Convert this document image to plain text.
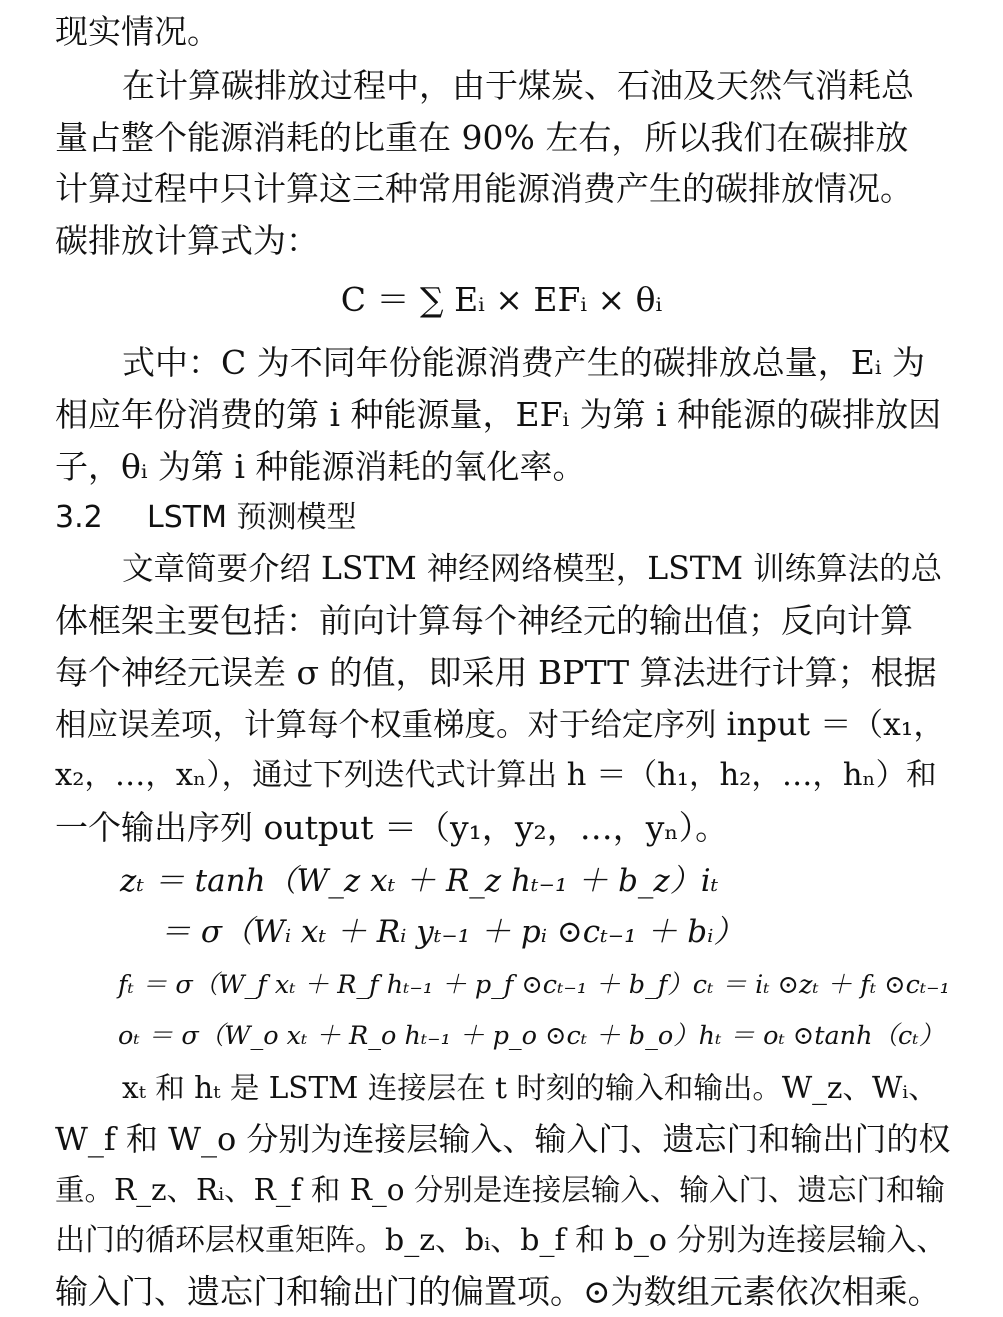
现实情况。
在计算碳排放过程中，由于煤炭、石油及天然气消耗总
量占整个能源消耗的比重在 90% 左右，所以我们在碳排放
计算过程中只计算这三种常用能源消费产生的碳排放情况。
碳排放计算式为：
C ＝ ∑ Eᵢ × EFᵢ × θᵢ
式中：C 为不同年份能源消费产生的碳排放总量，Eᵢ 为
相应年份消费的第 i 种能源量，EFᵢ 为第 i 种能源的碳排放因
子，θᵢ 为第 i 种能源消耗的氧化率。
3.2 LSTM 预测模型
文章简要介绍 LSTM 神经网络模型，LSTM 训练算法的总
体框架主要包括：前向计算每个神经元的输出值；反向计算
每个神经元误差 σ 的值，即采用 BPTT 算法进行计算；根据
相应误差项，计算每个权重梯度。对于给定序列 input ＝（x₁，
x₂，…，xₙ），通过下列迭代式计算出 h ＝（h₁，h₂，…，hₙ）和
一个输出序列 output ＝（y₁，y₂，…，yₙ）。
zₜ ＝ tanh（W_z xₜ ＋ R_z hₜ₋₁ ＋ b_z）iₜ
＝ σ（Wᵢ xₜ ＋ Rᵢ yₜ₋₁ ＋ pᵢ ⊙cₜ₋₁ ＋ bᵢ）
fₜ ＝ σ（W_f xₜ ＋ R_f hₜ₋₁ ＋ p_f ⊙cₜ₋₁ ＋ b_f）cₜ ＝ iₜ ⊙zₜ ＋ fₜ ⊙cₜ₋₁
oₜ ＝ σ（W_o xₜ ＋ R_o hₜ₋₁ ＋ p_o ⊙cₜ ＋ b_o）hₜ ＝ oₜ ⊙tanh（cₜ）
xₜ 和 hₜ 是 LSTM 连接层在 t 时刻的输入和输出。W_z、Wᵢ、
W_f 和 W_o 分别为连接层输入、输入门、遗忘门和输出门的权
重。R_z、Rᵢ、R_f 和 R_o 分别是连接层输入、输入门、遗忘门和输
出门的循环层权重矩阵。b_z、bᵢ、b_f 和 b_o 分别为连接层输入、
输入门、遗忘门和输出门的偏置项。⊙为数组元素依次相乘。
